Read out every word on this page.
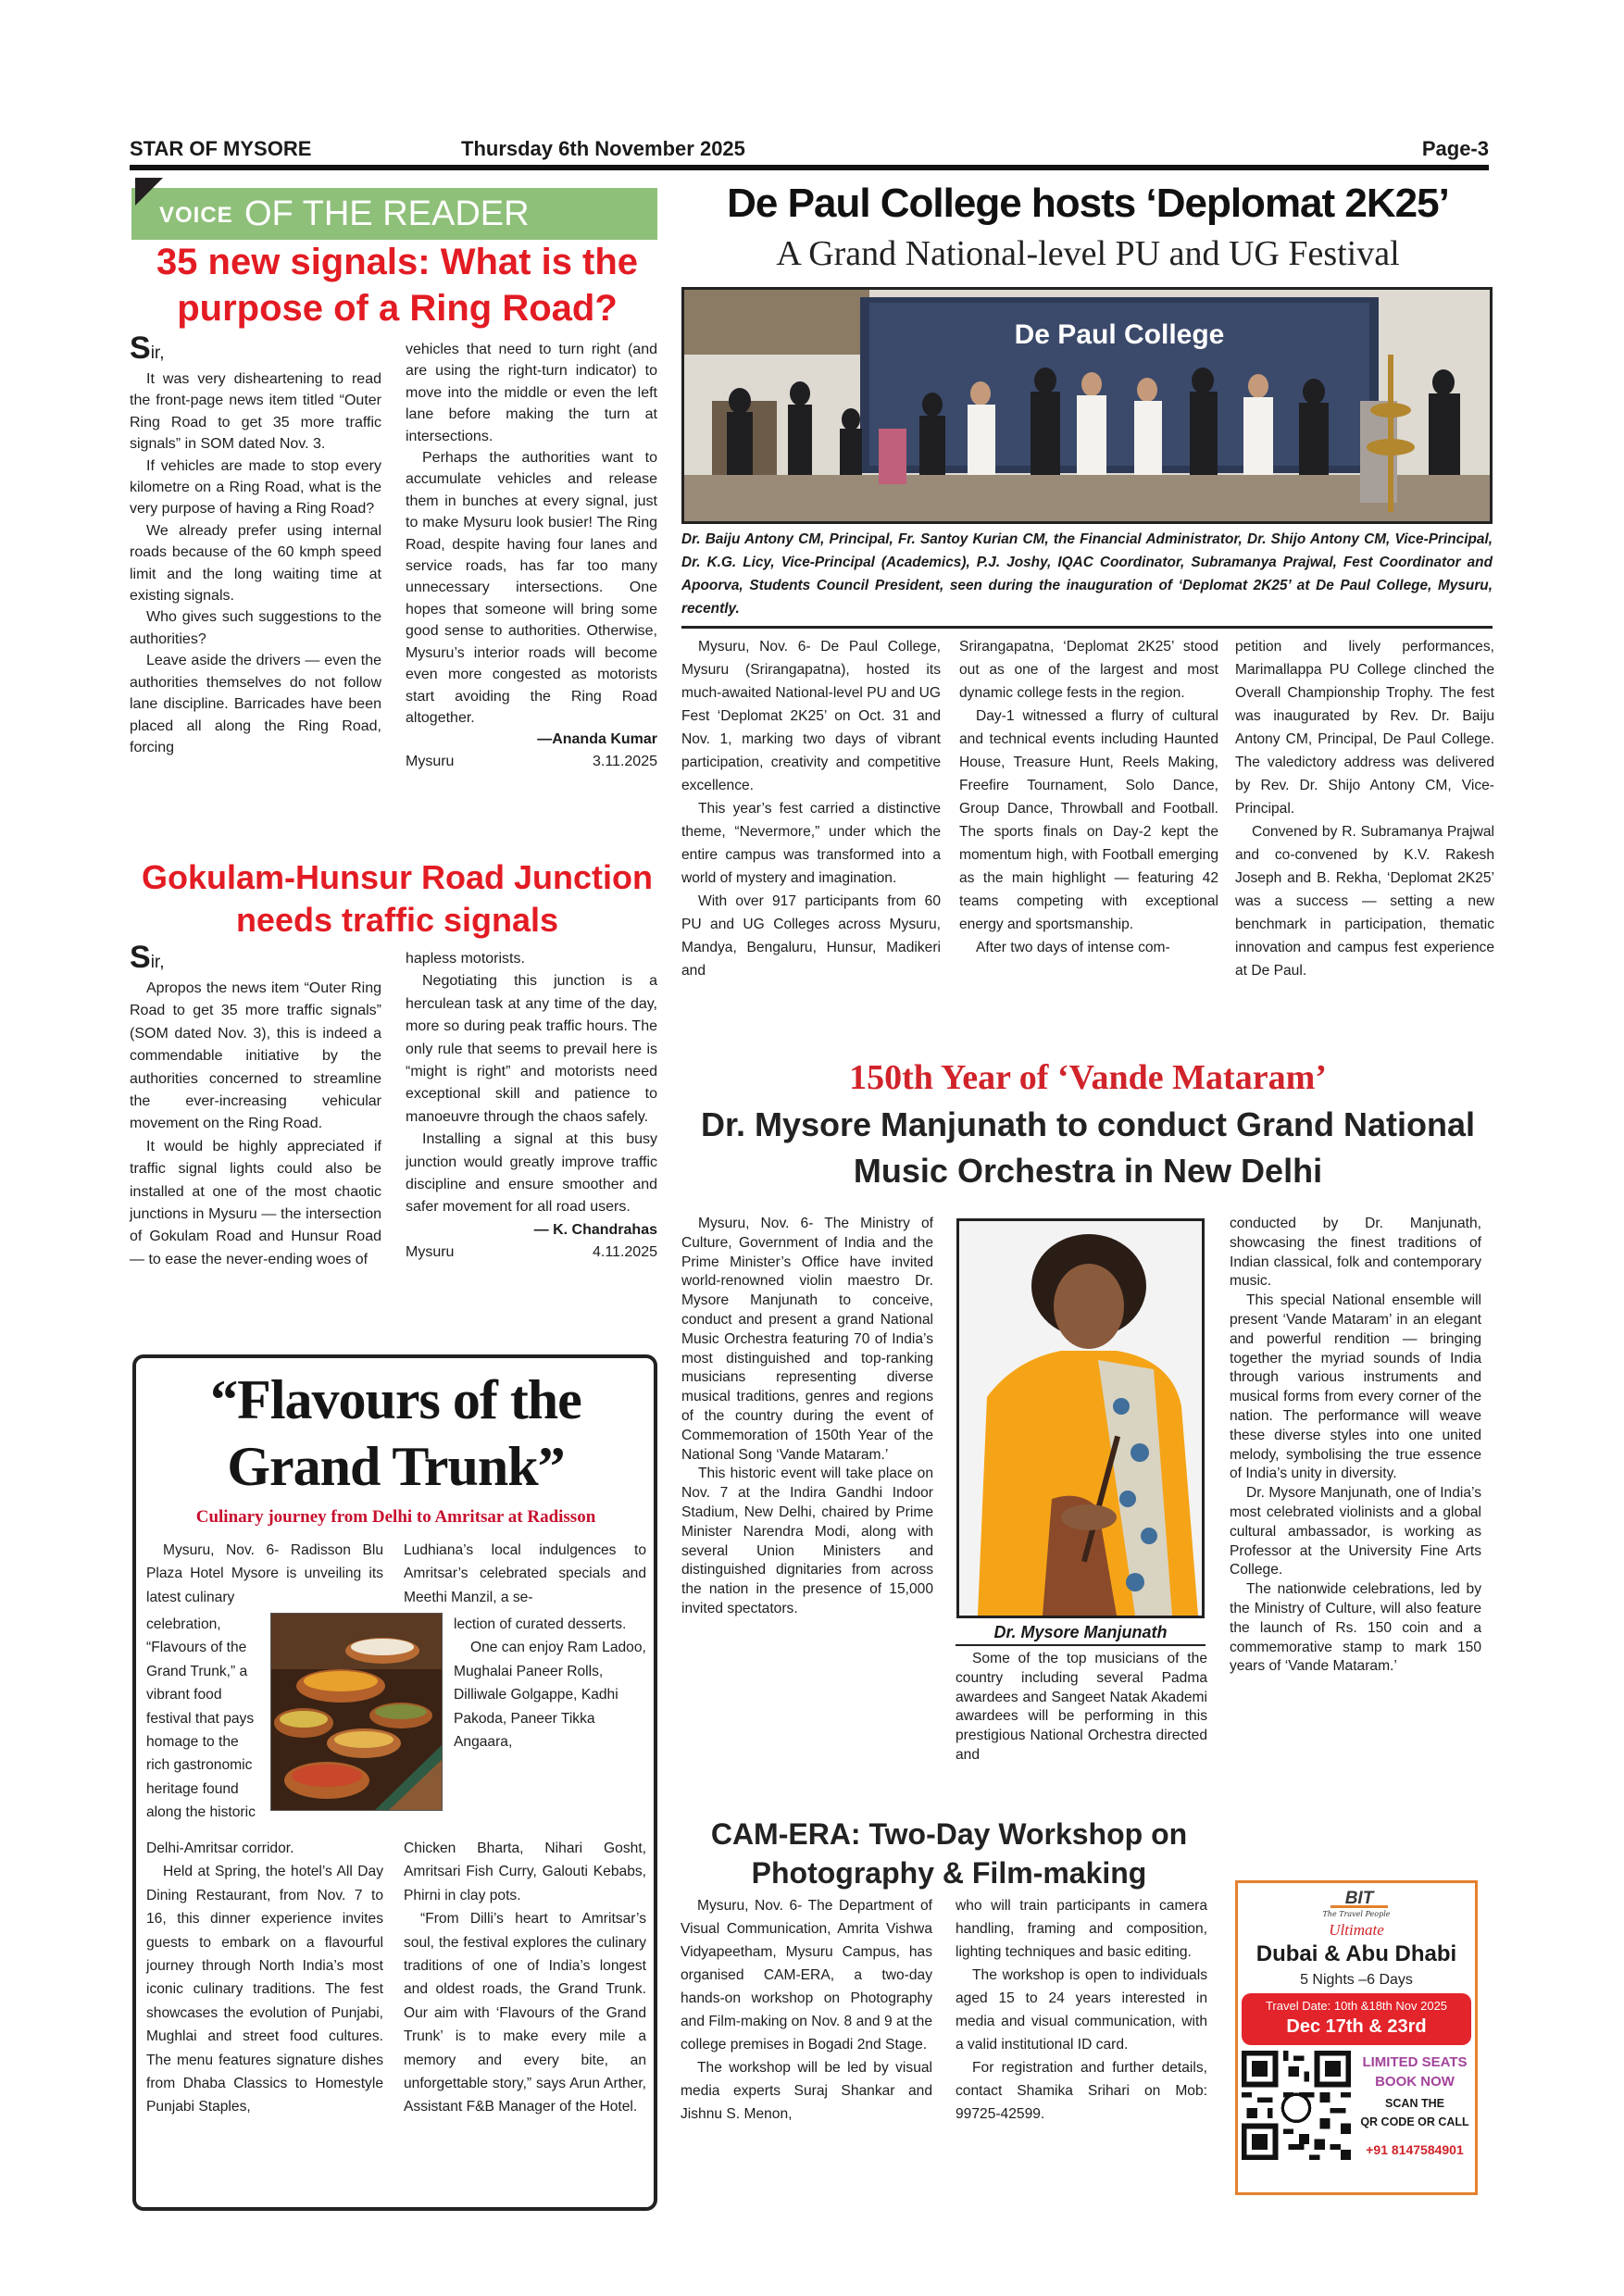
STAR OF MYSORE	Thursday 6th November 2025	Page-3
VOICE OF THE READER
35 new signals: What is the purpose of a Ring Road?
Sir,

It was very disheartening to read the front-page news item titled “Outer Ring Road to get 35 more traffic signals” in SOM dated Nov. 3.

If vehicles are made to stop every kilometre on a Ring Road, what is the very purpose of having a Ring Road?

We already prefer using internal roads because of the 60 kmph speed limit and the long waiting time at existing signals.

Who gives such suggestions to the authorities?

Leave aside the drivers — even the authorities themselves do not follow lane discipline. Barricades have been placed all along the Ring Road, forcing

vehicles that need to turn right (and are using the right-turn indicator) to move into the middle or even the left lane before making the turn at intersections.

Perhaps the authorities want to accumulate vehicles and release them in bunches at every signal, just to make Mysuru look busier! The Ring Road, despite having four lanes and service roads, has far too many unnecessary intersections. One hopes that someone will bring some good sense to authorities. Otherwise, Mysuru’s interior roads will become even more congested as motorists start avoiding the Ring Road altogether.

—Ananda Kumar
Mysuru	3.11.2025
Gokulam-Hunsur Road Junction needs traffic signals
Sir,

Apropos the news item “Outer Ring Road to get 35 more traffic signals” (SOM dated Nov. 3), this is indeed a commendable initiative by the authorities concerned to streamline the ever-increasing vehicular movement on the Ring Road.

It would be highly appreciated if traffic signal lights could also be installed at one of the most chaotic junctions in Mysuru — the intersection of Gokulam Road and Hunsur Road — to ease the never-ending woes of

hapless motorists.

Negotiating this junction is a herculean task at any time of the day, more so during peak traffic hours. The only rule that seems to prevail here is “might is right” and motorists need exceptional skill and patience to manoeuvre through the chaos safely.

Installing a signal at this busy junction would greatly improve traffic discipline and ensure smoother and safer movement for all road users.

— K. Chandrahas
Mysuru	4.11.2025
De Paul College hosts ‘Deplomat 2K25’
A Grand National-level PU and UG Festival
De Paul College
Dr. Baiju Antony CM, Principal, Fr. Santoy Kurian CM, the Financial Administrator, Dr. Shijo Antony CM, Vice-Principal, Dr. K.G. Licy, Vice-Principal (Academics), P.J. Joshy, IQAC Coordinator, Subramanya Prajwal, Fest Coordinator and Apoorva, Students Council President, seen during the inauguration of ‘Deplomat 2K25’ at De Paul College, Mysuru, recently.

Mysuru, Nov. 6- De Paul College, Mysuru (Srirangapatna), hosted its much-awaited National-level PU and UG Fest ‘Deplomat 2K25’ on Oct. 31 and Nov. 1, marking two days of vibrant participation, creativity and competitive excellence.

This year’s fest carried a distinctive theme, “Nevermore,” under which the entire campus was transformed into a world of mystery and imagination.

With over 917 participants from 60 PU and UG Colleges across Mysuru, Mandya, Bengaluru, Hunsur, Madikeri and

Srirangapatna, ‘Deplomat 2K25’ stood out as one of the largest and most dynamic college fests in the region.

Day-1 witnessed a flurry of cultural and technical events including Haunted House, Treasure Hunt, Reels Making, Freefire Tournament, Solo Dance, Group Dance, Throwball and Football. The sports finals on Day-2 kept the momentum high, with Football emerging as the main highlight — featuring 42 teams competing with exceptional energy and sportsmanship.

After two days of intense com-

petition and lively performances, Marimallappa PU College clinched the Overall Championship Trophy. The fest was inaugurated by Rev. Dr. Baiju Antony CM, Principal, De Paul College. The valedictory address was delivered by Rev. Dr. Shijo Antony CM, Vice-Principal.

Convened by R. Subramanya Prajwal and co-convened by K.V. Rakesh Joseph and B. Rekha, ‘Deplomat 2K25’ was a success — setting a new benchmark in participation, thematic innovation and campus fest experience at De Paul.

150th Year of ‘Vande Mataram’
Dr. Mysore Manjunath to conduct Grand National Music Orchestra in New Delhi

Mysuru, Nov. 6- The Ministry of Culture, Government of India and the Prime Minister’s Office have invited world-renowned violin maestro Dr. Mysore Manjunath to conceive, conduct and present a grand National Music Orchestra featuring 70 of India’s most distinguished and top-ranking musicians representing diverse musical traditions, genres and regions of the country during the event of Commemoration of 150th Year of the National Song ‘Vande Mataram.’

This historic event will take place on Nov. 7 at the Indira Gandhi Indoor Stadium, New Delhi, chaired by Prime Minister Narendra Modi, along with several Union Ministers and distinguished dignitaries from across the nation in the presence of 15,000 invited spectators.

Dr. Mysore Manjunath

Some of the top musicians of the country including several Padma awardees and Sangeet Natak Akademi awardees will be performing in this prestigious National Orchestra directed and

conducted by Dr. Manjunath, showcasing the finest traditions of Indian classical, folk and contemporary music.

This special National ensemble will present ‘Vande Mataram’ in an elegant and powerful rendition — bringing together the myriad sounds of India through various instruments and musical forms from every corner of the nation. The performance will weave these diverse styles into one united melody, symbolising the true essence of India’s unity in diversity.

Dr. Mysore Manjunath, one of India’s most celebrated violinists and a global cultural ambassador, is working as Professor at the University Fine Arts College.

The nationwide celebrations, led by the Ministry of Culture, will also feature the launch of Rs. 150 coin and a commemorative stamp to mark 150 years of ‘Vande Mataram.’

CAM-ERA: Two-Day Workshop on Photography & Film-making

Mysuru, Nov. 6- The Department of Visual Communication, Amrita Vishwa Vidyapeetham, Mysuru Campus, has organised CAM-ERA, a two-day hands-on workshop on Photography and Film-making on Nov. 8 and 9 at the college premises in Bogadi 2nd Stage.

The workshop will be led by visual media experts Suraj Shankar and Jishnu S. Menon,

who will train participants in camera handling, framing and composition, lighting techniques and basic editing.

The workshop is open to individuals aged 15 to 24 years interested in media and visual communication, with a valid institutional ID card.

For registration and further details, contact Shamika Srihari on Mob: 99725-42599.

“Flavours of the Grand Trunk”
Culinary journey from Delhi to Amritsar at Radisson

Mysuru, Nov. 6- Radisson Blu Plaza Hotel Mysore is unveiling its latest culinary

Ludhiana’s local indulgences to Amritsar’s celebrated specials and Meethi Manzil, a se-

celebration, “Flavours of the Grand Trunk,” a vibrant food festival that pays homage to the rich gastronomic heritage found along the historic

lection of curated desserts.

One can enjoy Ram Ladoo, Mughalai Paneer Rolls, Dilliwale Golgappe, Kadhi Pakoda, Paneer Tikka Angaara,

Delhi-Amritsar corridor.

Held at Spring, the hotel’s All Day Dining Restaurant, from Nov. 7 to 16, this dinner experience invites guests to embark on a flavourful journey through North India’s most iconic culinary traditions. The fest showcases the evolution of Punjabi, Mughlai and street food cultures. The menu features signature dishes from Dhaba Classics to Homestyle Punjabi Staples,

Chicken Bharta, Nihari Gosht, Amritsari Fish Curry, Galouti Kebabs, Phirni in clay pots.

“From Dilli’s heart to Amritsar’s soul, the festival explores the culinary traditions of one of India’s longest and oldest roads, the Grand Trunk. Our aim with ‘Flavours of the Grand Trunk’ is to make every mile a memory and every bite, an unforgettable story,” says Arun Arther, Assistant F&B Manager of the Hotel.

BIT
The Travel People
Ultimate
Dubai & Abu Dhabi
5 Nights –6 Days
Travel Date: 10th &18th Nov 2025
Dec 17th & 23rd
LIMITED SEATS
BOOK NOW
SCAN THE
QR CODE OR CALL
+91 8147584901
